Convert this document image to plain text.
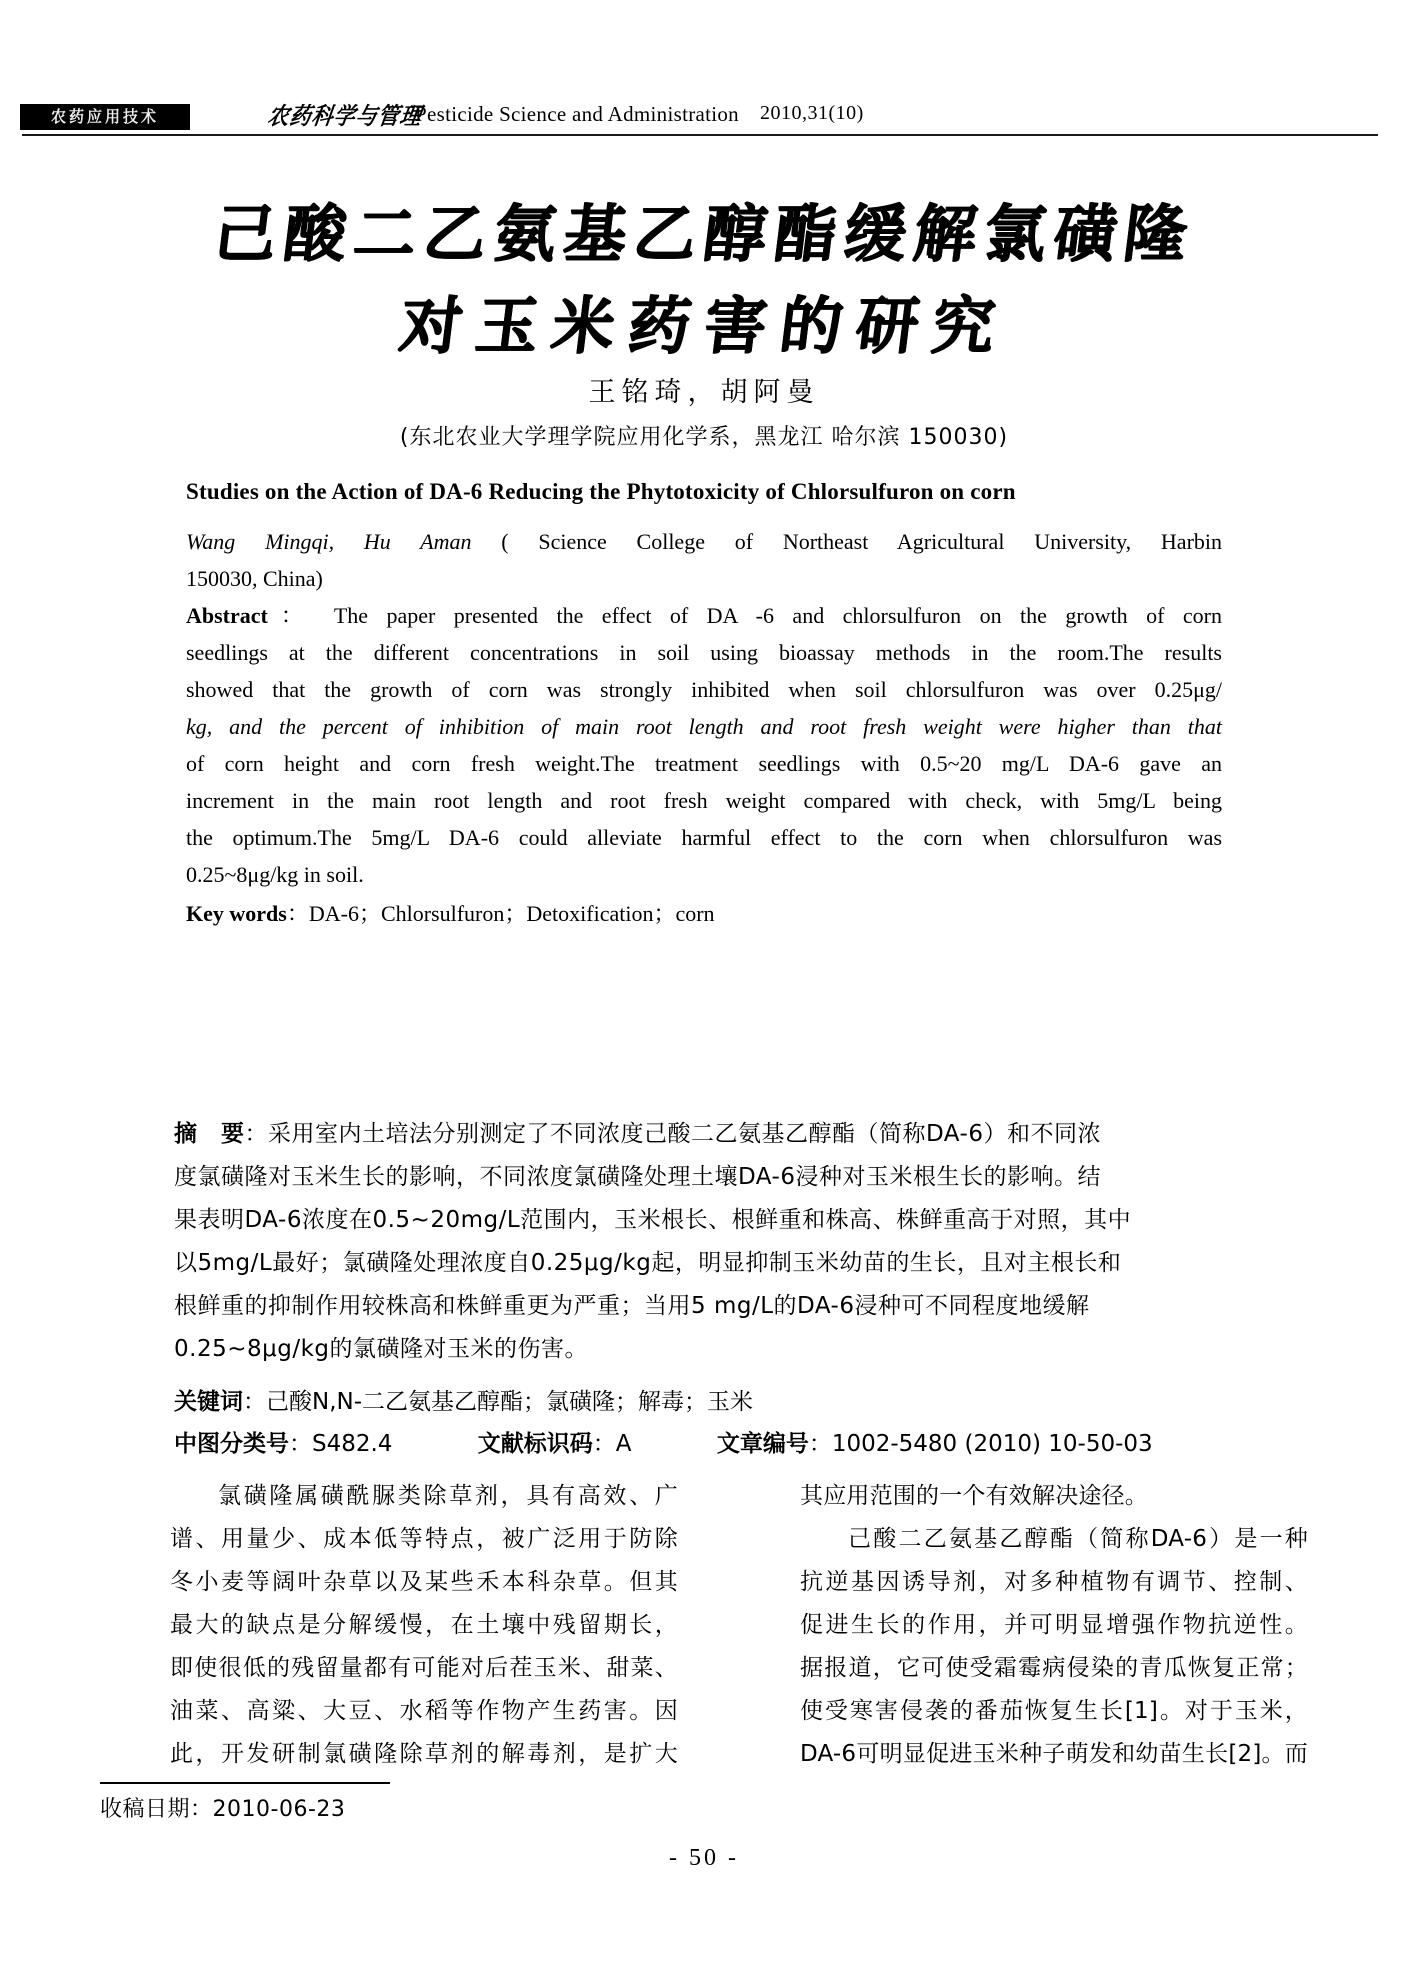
农药应用技术	农药科学与管理
Pesticide Science and Administration 2010,31(10)
己酸二乙氨基乙醇酯缓解氯磺隆
对玉米药害的研究
王铭琦，胡阿曼
(东北农业大学理学院应用化学系，黑龙江 哈尔滨 150030)
Studies on the Action of DA-6 Reducing the Phytotoxicity of Chlorsulfuron on corn
Wang Mingqi, Hu Aman ( Science College of Northeast Agricultural University, Harbin
150030, China)
Abstract： The paper presented the effect of DA -6 and chlorsulfuron on the growth of corn
seedlings at the different concentrations in soil using bioassay methods in the room.The results
showed that the growth of corn was strongly inhibited when soil chlorsulfuron was over 0.25μg/
kg, and the percent of inhibition of main root length and root fresh weight were higher than that
of corn height and corn fresh weight.The treatment seedlings with 0.5~20 mg/L DA-6 gave an
increment in the main root length and root fresh weight compared with check, with 5mg/L being
the optimum.The 5mg/L DA-6 could alleviate harmful effect to the corn when chlorsulfuron was
0.25~8μg/kg in soil.
Key words：DA-6；Chlorsulfuron；Detoxification；corn
摘　要：采用室内土培法分别测定了不同浓度己酸二乙氨基乙醇酯（简称DA-6）和不同浓
度氯磺隆对玉米生长的影响，不同浓度氯磺隆处理土壤DA-6浸种对玉米根生长的影响。结
果表明DA-6浓度在0.5~20mg/L范围内，玉米根长、根鲜重和株高、株鲜重高于对照，其中
以5mg/L最好；氯磺隆处理浓度自0.25μg/kg起，明显抑制玉米幼苗的生长，且对主根长和
根鲜重的抑制作用较株高和株鲜重更为严重；当用5 mg/L的DA-6浸种可不同程度地缓解
0.25~8μg/kg的氯磺隆对玉米的伤害。
关键词：己酸N,N-二乙氨基乙醇酯；氯磺隆；解毒；玉米
中图分类号：S482.4	文献标识码：A	文章编号：1002-5480 (2010) 10-50-03

氯磺隆属磺酰脲类除草剂，具有高效、广

谱、用量少、成本低等特点，被广泛用于防除

冬小麦等阔叶杂草以及某些禾本科杂草。但其

最大的缺点是分解缓慢，在土壤中残留期长，

即使很低的残留量都有可能对后茬玉米、甜菜、

油菜、高粱、大豆、水稻等作物产生药害。因

此，开发研制氯磺隆除草剂的解毒剂，是扩大

其应用范围的一个有效解决途径。

己酸二乙氨基乙醇酯（简称DA-6）是一种

抗逆基因诱导剂，对多种植物有调节、控制、

促进生长的作用，并可明显增强作物抗逆性。

据报道，它可使受霜霉病侵染的青瓜恢复正常；

使受寒害侵袭的番茄恢复生长[1]。对于玉米，

DA-6可明显促进玉米种子萌发和幼苗生长[2]。而

收稿日期：2010-06-23
- 50 -
